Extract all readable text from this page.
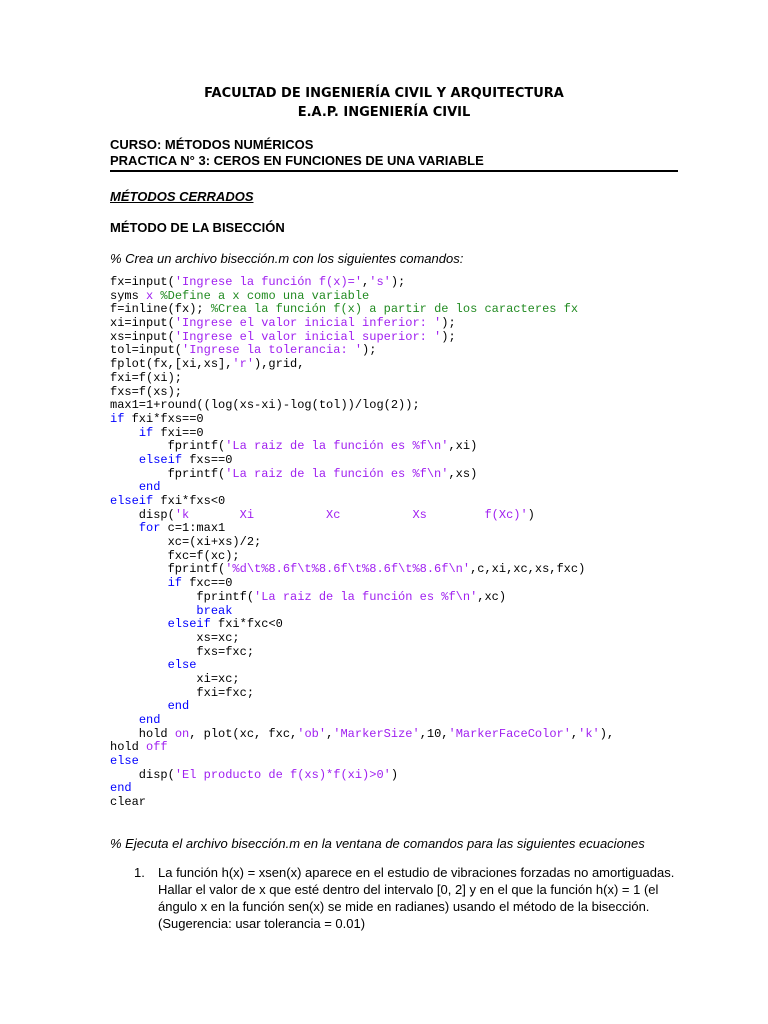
FACULTAD DE INGENIERÍA CIVIL Y ARQUITECTURA
E.A.P. INGENIERÍA CIVIL
CURSO: MÉTODOS NUMÉRICOS
PRACTICA N° 3: CEROS EN FUNCIONES DE UNA VARIABLE
MÉTODOS CERRADOS
MÉTODO DE LA BISECCIÓN
% Crea un archivo bisección.m con los siguientes comandos:
fx=input('Ingrese la función f(x)=','s');
syms x %Define a x como una variable
f=inline(fx); %Crea la función f(x) a partir de los caracteres fx
xi=input('Ingrese el valor inicial inferior: ');
xs=input('Ingrese el valor inicial superior: ');
tol=input('Ingrese la tolerancia: ');
fplot(fx,[xi,xs],'r'),grid,
fxi=f(xi);
fxs=f(xs);
max1=1+round((log(xs-xi)-log(tol))/log(2));
if fxi*fxs==0
if fxi==0
fprintf('La raiz de la función es %f\n',xi)
elseif fxs==0
fprintf('La raiz de la función es %f\n',xs)
end
elseif fxi*fxs<0
disp('k       Xi          Xc          Xs        f(Xc)')
for c=1:max1
xc=(xi+xs)/2;
fxc=f(xc);
fprintf('%d\t%8.6f\t%8.6f\t%8.6f\t%8.6f\n',c,xi,xc,xs,fxc)
if fxc==0
fprintf('La raiz de la función es %f\n',xc)
break
elseif fxi*fxc<0
xs=xc;
fxs=fxc;
else
xi=xc;
fxi=fxc;
end
end
hold on, plot(xc, fxc,'ob','MarkerSize',10,'MarkerFaceColor','k'),
hold off
else
disp('El producto de f(xs)*f(xi)>0')
end
clear
% Ejecuta el archivo bisección.m en la ventana de comandos para las siguientes ecuaciones
1. La función h(x) = xsen(x) aparece en el estudio de vibraciones forzadas no amortiguadas. Hallar el valor de x que esté dentro del intervalo [0, 2] y en el que la función h(x) = 1 (el ángulo x en la función sen(x) se mide en radianes) usando el método de la bisección. (Sugerencia: usar tolerancia = 0.01)
